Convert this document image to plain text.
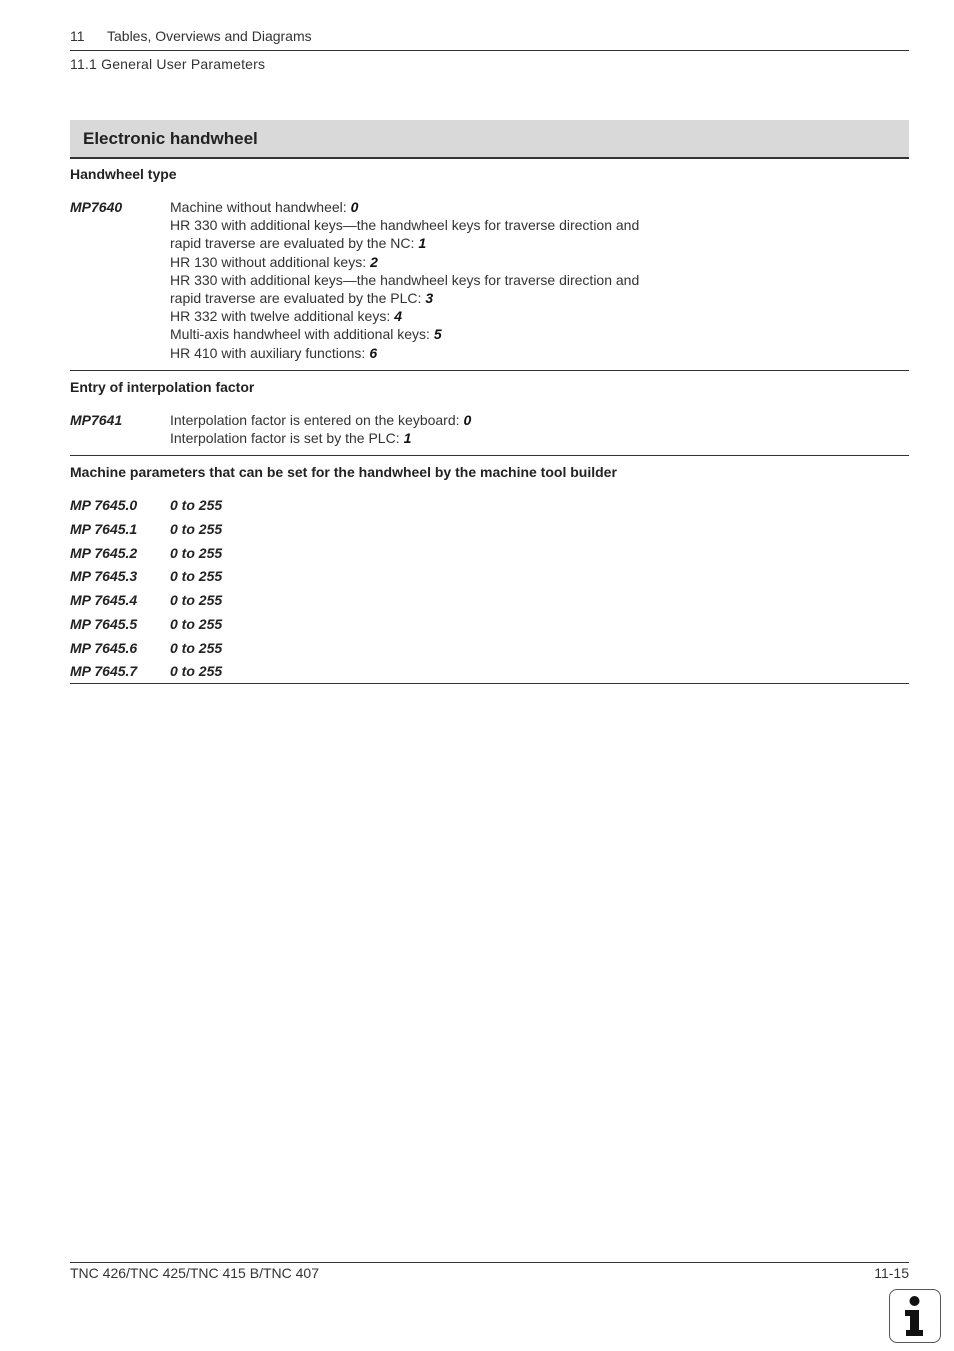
11 Tables, Overviews and Diagrams
11.1 General User Parameters
Electronic handwheel
Handwheel type
MP7640	Machine without handwheel: 0
HR 330 with additional keys—the handwheel keys for traverse direction and
rapid traverse are evaluated by the NC: 1
HR 130 without additional keys: 2
HR 330 with additional keys—the handwheel keys for traverse direction and
rapid traverse are evaluated by the PLC: 3
HR 332 with twelve additional keys: 4
Multi-axis handwheel with additional keys: 5
HR 410 with auxiliary functions: 6
Entry of interpolation factor
MP7641	Interpolation factor is entered on the keyboard: 0
Interpolation factor is set by the PLC: 1
Machine parameters that can be set for the handwheel by the machine tool builder
MP 7645.0 0 to 255
MP 7645.1 0 to 255
MP 7645.2 0 to 255
MP 7645.3 0 to 255
MP 7645.4 0 to 255
MP 7645.5 0 to 255
MP 7645.6 0 to 255
MP 7645.7 0 to 255
TNC 426/TNC 425/TNC 415 B/TNC 407	11-15
